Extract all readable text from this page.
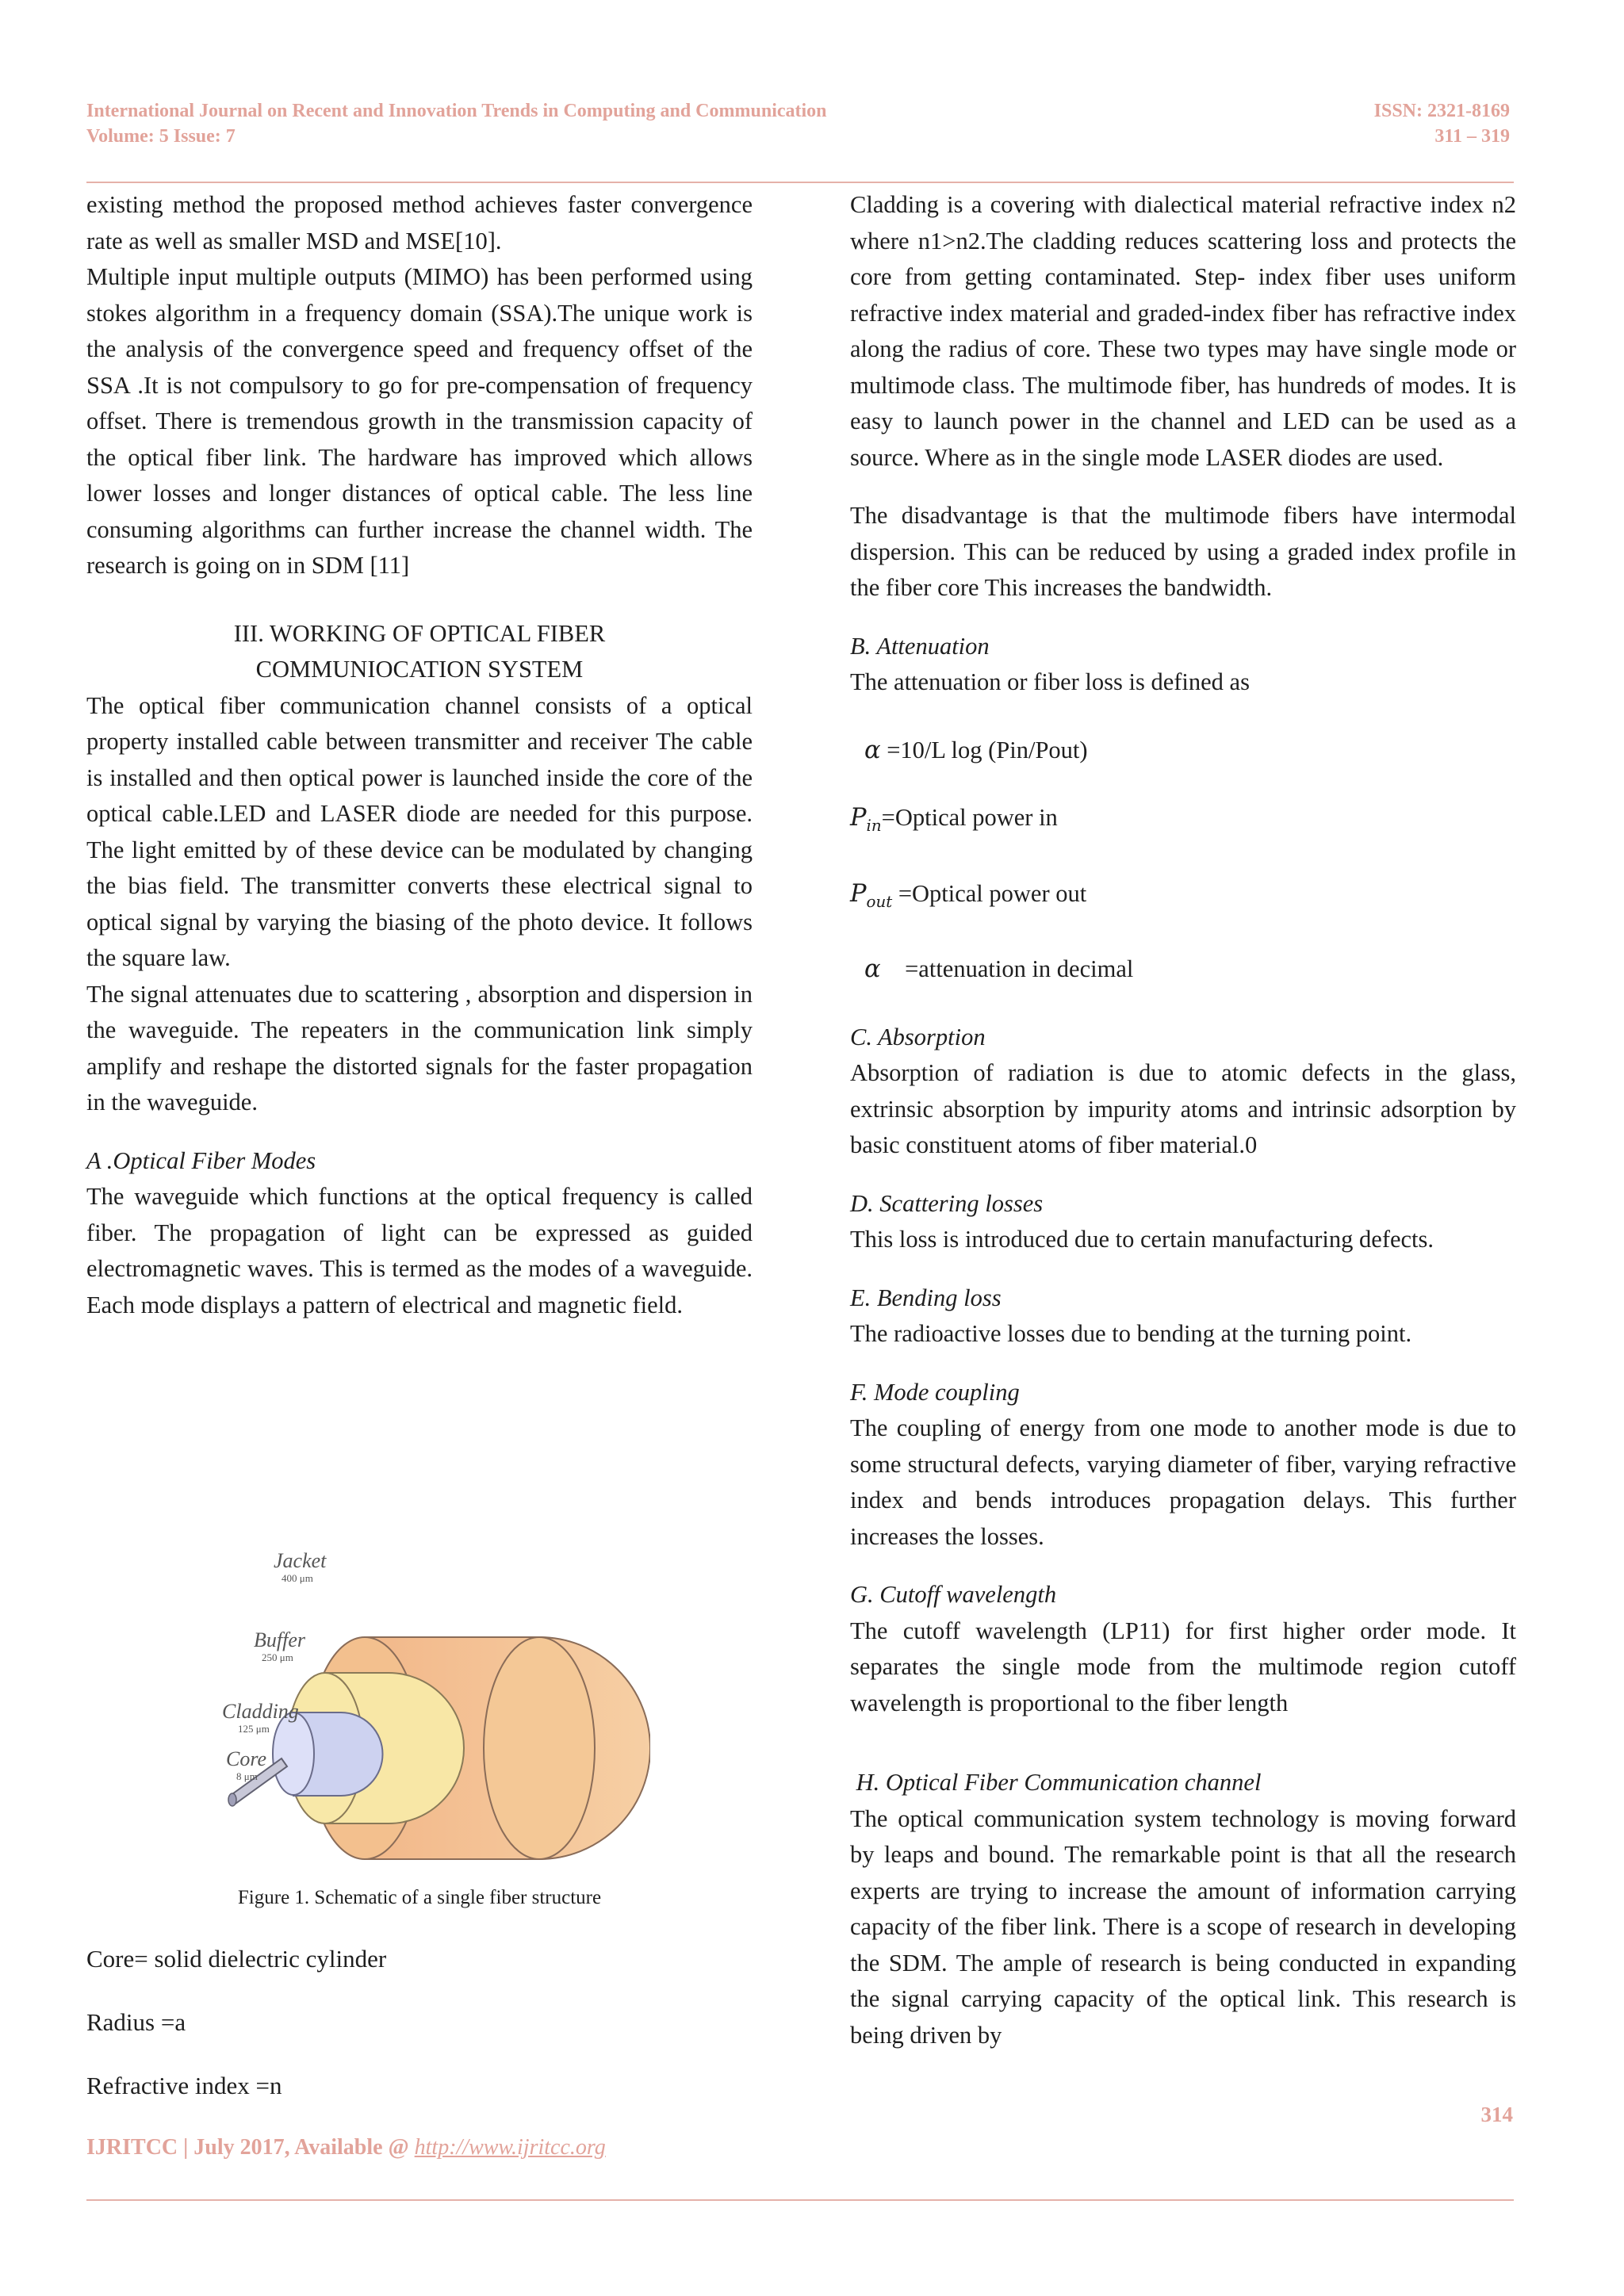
International Journal on Recent and Innovation Trends in Computing and Communication
Volume: 5 Issue: 7
ISSN: 2321-8169
311 – 319

existing method the proposed method achieves faster convergence rate as well as smaller MSD and MSE[10].

Multiple input multiple outputs (MIMO) has been performed using stokes algorithm in a frequency domain (SSA).The unique work is the analysis of the convergence speed and frequency offset of the SSA .It is not compulsory to go for pre-compensation of frequency offset. There is tremendous growth in the transmission capacity of the optical fiber link. The hardware has improved which allows lower losses and longer distances of optical cable. The less line consuming algorithms can further increase the channel width. The research is going on in SDM [11]

III. WORKING OF OPTICAL FIBER
COMMUNIOCATION SYSTEM

The optical fiber communication channel consists of a optical property installed cable between transmitter and receiver The cable is installed and then optical power is launched inside the core of the optical cable.LED and LASER diode are needed for this purpose. The light emitted by of these device can be modulated by changing the bias field. The transmitter converts these electrical signal to optical signal by varying the biasing of the photo device. It follows the square law.

The signal attenuates due to scattering , absorption and dispersion in the waveguide. The repeaters in the communication link simply amplify and reshape the distorted signals for the faster propagation in the waveguide.

A .Optical Fiber Modes

The waveguide which functions at the optical frequency is called fiber. The propagation of light can be expressed as guided electromagnetic waves. This is termed as the modes of a waveguide. Each mode displays a pattern of electrical and magnetic field.

Jacket
400 μm
Buffer
250 μm
Cladding
125 μm
Core
8 μm
Figure 1. Schematic of a single fiber structure
Core= solid dielectric cylinder
Radius =a
Refractive index =n

Cladding is a covering with dialectical material refractive index n2 where n1>n2.The cladding reduces scattering loss and protects the core from getting contaminated. Step- index fiber uses uniform refractive index material and graded-index fiber has refractive index along the radius of core. These two types may have single mode or multimode class. The multimode fiber, has hundreds of modes. It is easy to launch power in the channel and LED can be used as a source. Where as in the single mode LASER diodes are used.

The disadvantage is that the multimode fibers have intermodal dispersion. This can be reduced by using a graded index profile in the fiber core This increases the bandwidth.

B. Attenuation

The attenuation or fiber loss is defined as

α =10/L log (Pin/Pout)

$P_{in}=Optical$ power in

$P_{out}$ =Optical power out

α    =attenuation in decimal

C. Absorption

Absorption of radiation is due to atomic defects in the glass, extrinsic absorption by impurity atoms and intrinsic adsorption by basic constituent atoms of fiber material.0

D. Scattering losses

This loss is introduced due to certain manufacturing defects.

E. Bending loss

The radioactive losses due to bending at the turning point.

F. Mode coupling

The coupling of energy from one mode to another mode is due to some structural defects, varying diameter of fiber, varying refractive index and bends introduces propagation delays. This further increases the losses.

G. Cutoff wavelength

The cutoff wavelength (LP11) for first higher order mode. It separates the single mode from the multimode region cutoff wavelength is proportional to the fiber length

H. Optical Fiber Communication channel

The optical communication system technology is moving forward by leaps and bound. The remarkable point is that all the research experts are trying to increase the amount of information carrying capacity of the fiber link. There is a scope of research in developing the SDM. The ample of research is being conducted in expanding the signal carrying capacity of the optical link. This research is being driven by

314
IJRITCC | July 2017, Available @ http://www.ijritcc.org
